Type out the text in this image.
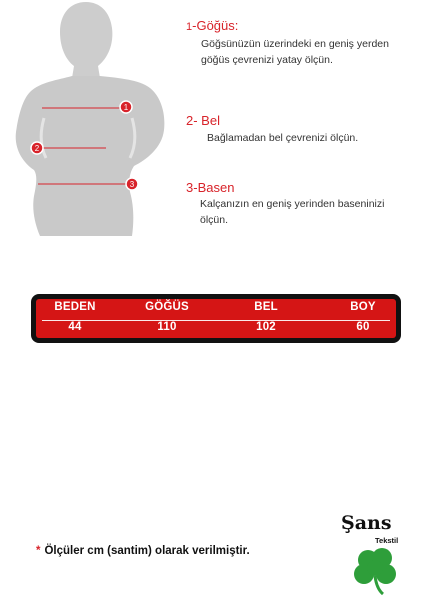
1
2
3
1-Göğüs:
Göğsünüzün üzerindeki en geniş yerden
göğüs çevrenizi yatay ölçün.
2- Bel
Bağlamadan bel çevrenizi ölçün.
3-Basen
Kalçanızın en geniş yerinden baseninizi
ölçün.
BEDEN	GÖĞÜS	BEL	BOY
44	110	102	60
* Ölçüler cm (santim) olarak verilmiştir.
Şans
Tekstil
